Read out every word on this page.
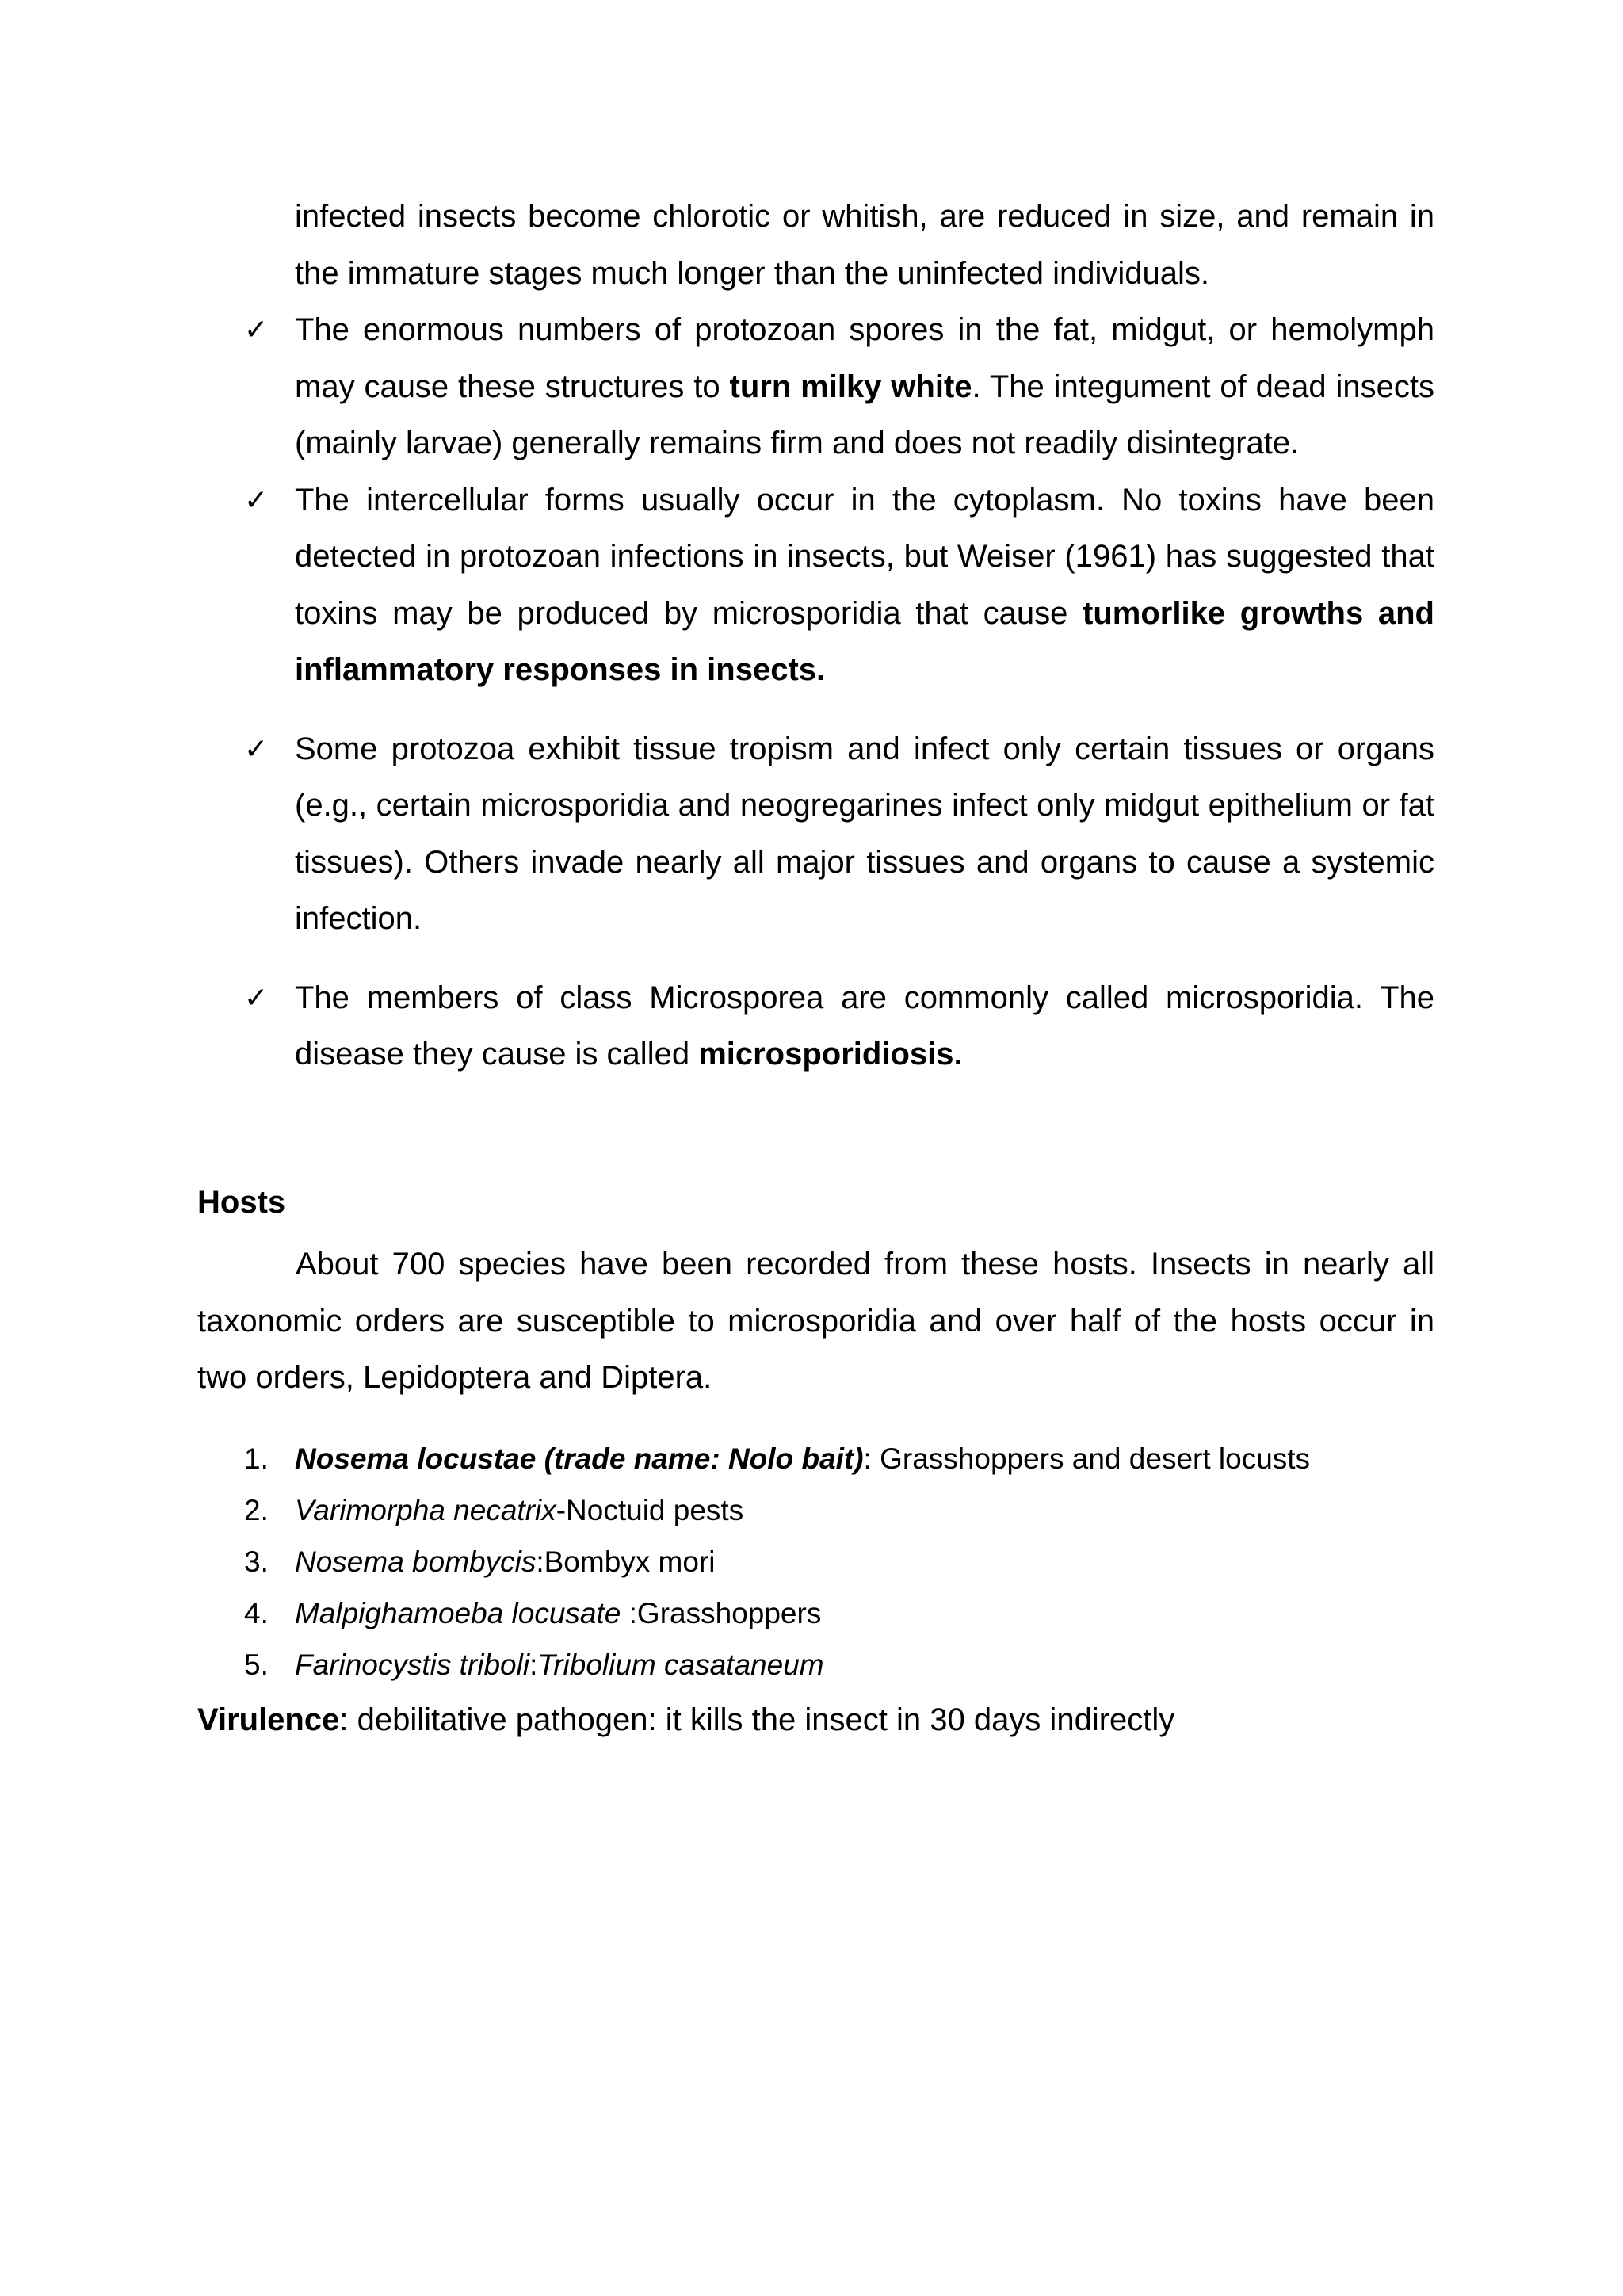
infected insects become chlorotic or whitish, are reduced in size, and remain in the immature stages much longer than the uninfected individuals.

✓ The enormous numbers of protozoan spores in the fat, midgut, or hemolymph may cause these structures to turn milky white. The integument of dead insects (mainly larvae) generally remains firm and does not readily disintegrate.

✓ The intercellular forms usually occur in the cytoplasm. No toxins have been detected in protozoan infections in insects, but Weiser (1961) has suggested that toxins may be produced by microsporidia that cause tumorlike growths and inflammatory responses in insects.

✓ Some protozoa exhibit tissue tropism and infect only certain tissues or organs (e.g., certain microsporidia and neogregarines infect only midgut epithelium or fat tissues). Others invade nearly all major tissues and organs to cause a systemic infection.

✓ The members of class Microsporea are commonly called microsporidia. The disease they cause is called microsporidiosis.

Hosts

About 700 species have been recorded from these hosts. Insects in nearly all taxonomic orders are susceptible to microsporidia and over half of the hosts occur in two orders, Lepidoptera and Diptera.

1. Nosema locustae (trade name: Nolo bait): Grasshoppers and desert locusts
2. Varimorpha necatrix-Noctuid pests
3. Nosema bombycis:Bombyx mori
4. Malpighamoeba locusate :Grasshoppers
5. Farinocystis triboli:Tribolium casataneum

Virulence: debilitative pathogen: it kills the insect in 30 days indirectly
